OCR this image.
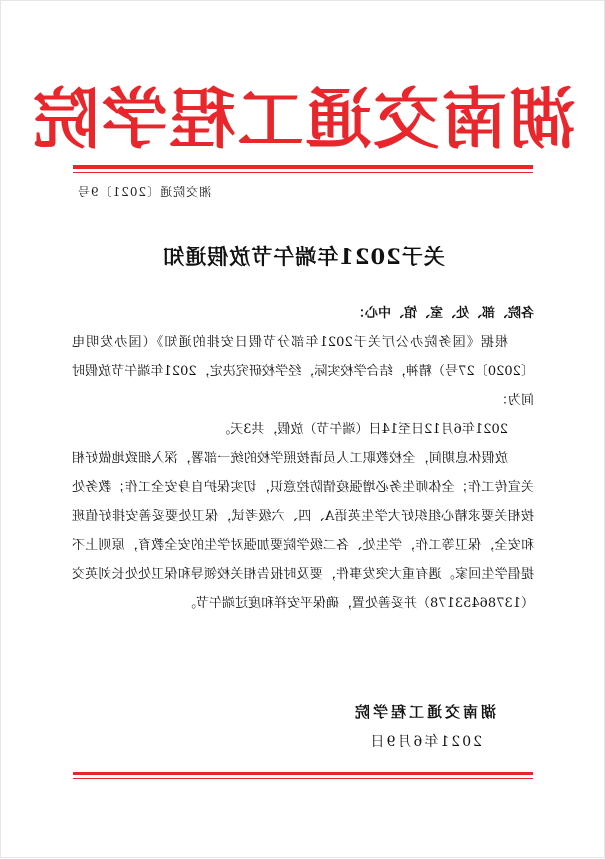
湖南交通工程学院
湘交院通〔2021〕9号
关于2021年端午节放假通知

各院、部、处、室、馆、中心：

根据《国务院办公厅关于2021年部分节假日安排的通知》（国办发明电〔2020〕27号）精神，结合学校实际，经学校研究决定，2021年端午节放假时间为：

2021年6月12日至14日（端午节）放假，共3天。

放假休息期间，全校教职工人员请按照学校的统一部署，深入细致地做好相关宣传工作；全体师生务必增强疫情防控意识，切实保护自身安全工作；教务处按相关要求精心组织好大学生英语A、四、六级考试，保卫处要妥善安排好值班和安全，保卫等工作，学生处、各二级学院要加强对学生的安全教育，原则上不提倡学生回家。遇有重大突发事件，要及时报告相关校领导和保卫处处长刘英交（13786453178）并妥善处置，确保平安祥和度过端午节。

湖南交通工程学院
2021年6月9日
